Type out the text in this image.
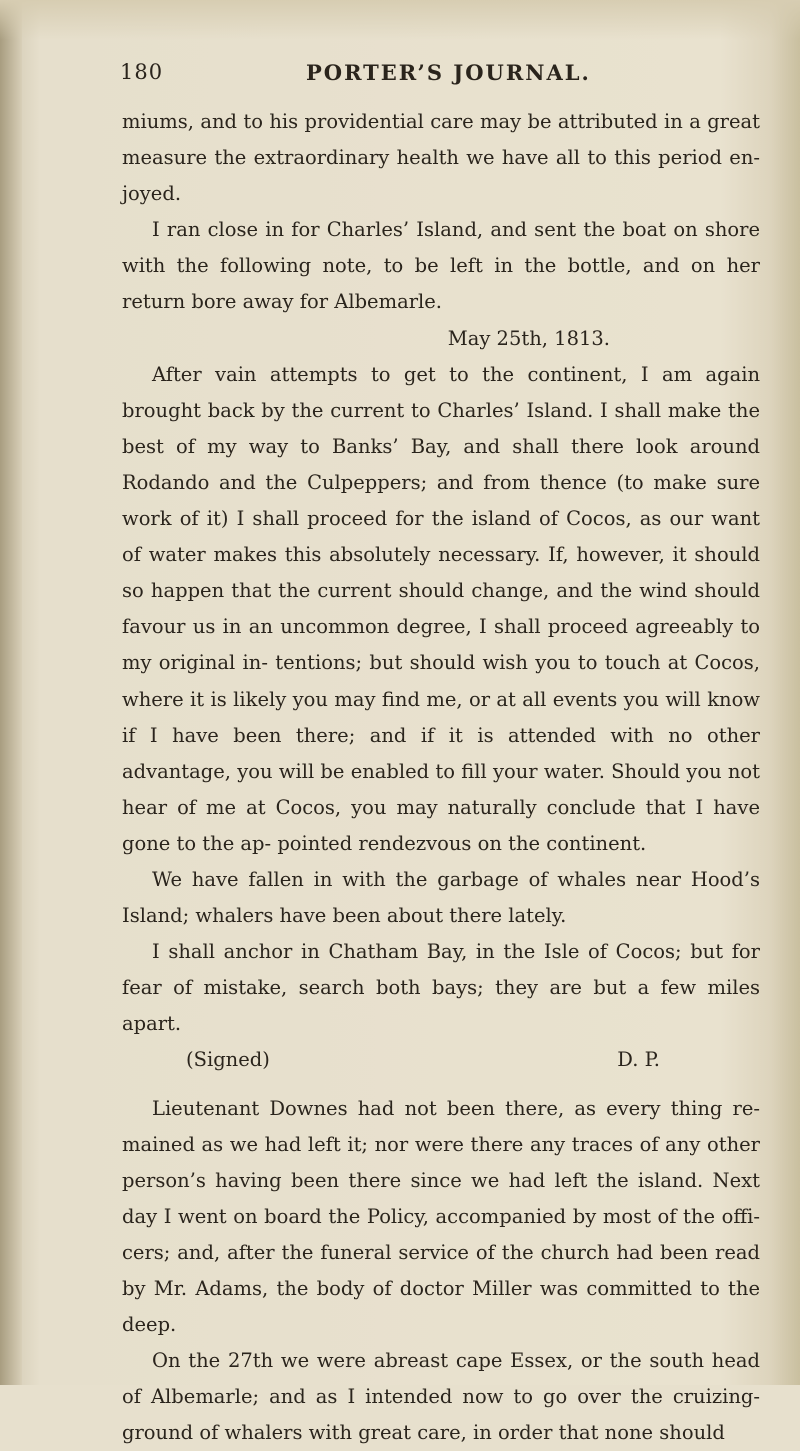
180	PORTER’S JOURNAL.

miums, and to his providential care may be attributed in a great measure the extraordinary health we have all to this period en- joyed.

I ran close in for Charles’ Island, and sent the boat on shore with the following note, to be left in the bottle, and on her return bore away for Albemarle.

May 25th, 1813.

After vain attempts to get to the continent, I am again brought back by the current to Charles’ Island. I shall make the best of my way to Banks’ Bay, and shall there look around Rodando and the Culpeppers; and from thence (to make sure work of it) I shall proceed for the island of Cocos, as our want of water makes this absolutely necessary. If, however, it should so happen that the current should change, and the wind should favour us in an uncommon degree, I shall proceed agreeably to my original in- tentions; but should wish you to touch at Cocos, where it is likely you may find me, or at all events you will know if I have been there; and if it is attended with no other advantage, you will be enabled to fill your water. Should you not hear of me at Cocos, you may naturally conclude that I have gone to the ap- pointed rendezvous on the continent.

We have fallen in with the garbage of whales near Hood’s Island; whalers have been about there lately.

I shall anchor in Chatham Bay, in the Isle of Cocos; but for fear of mistake, search both bays; they are but a few miles apart.

(Signed)	D. P.

Lieutenant Downes had not been there, as every thing re- mained as we had left it; nor were there any traces of any other person’s having been there since we had left the island. Next day I went on board the Policy, accompanied by most of the offi- cers; and, after the funeral service of the church had been read by Mr. Adams, the body of doctor Miller was committed to the deep.

On the 27th we were abreast cape Essex, or the south head of Albemarle; and as I intended now to go over the cruizing- ground of whalers with great care, in order that none should
